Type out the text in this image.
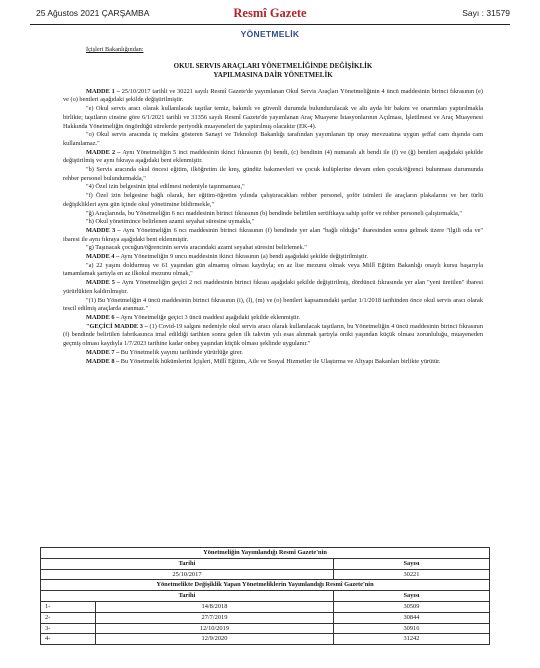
25 Ağustos 2021 ÇARŞAMBA	Resmî Gazete	Sayı : 31579
YÖNETMELİK

İçişleri Bakanlığından:

OKUL SERVIS ARAÇLARI YÖNETMELİĞİNDE DEĞİŞİKLİK
YAPILMASINA DAİR YÖNETMELİK

MADDE 1 – 25/10/2017 tarihli ve 30221 sayılı Resmî Gazete'de yayımlanan Okul Servis Araçları Yönetmeliğinin 4 üncü maddesinin birinci fıkrasının (e) ve (o) bentleri aşağıdaki şekilde değiştirilmiştir.

"e) Okul servis aracı olarak kullanılacak taşıtlar temiz, bakımlı ve güvenli durumda bulundurulacak ve altı ayda bir bakım ve onarımları yaptırılmakla birlikte; taşıtların cinsine göre 6/1/2021 tarihli ve 31356 sayılı Resmî Gazete'de yayımlanan Araç Muayene İstasyonlarının Açılması, İşletilmesi ve Araç Muayenesi Hakkında Yönetmeliğin öngördüğü sürelerde periyodik muayeneleri de yaptırılmış olacaktır (EK-4).

"o) Okul servis aracında iç mekânı gösteren Sanayi ve Teknoloji Bakanlığı tarafından yayımlanan tip onay mevzuatına uygun şeffaf cam dışında cam kullanılamaz."

MADDE 2 – Aynı Yönetmeliğin 5 inci maddesinin ikinci fıkrasının (b) bendi, (c) bendinin (4) numaralı alt bendi ile (f) ve (ğ) bentleri aşağıdaki şekilde değiştirilmiş ve aynı fıkraya aşağıdaki bent eklenmiştir.

"b) Servis aracında okul öncesi eğitim, ilköğretim ile kreş, gündüz bakımevleri ve çocuk kulüplerine devam eden çocuk/öğrenci bulunması durumunda rehber personel bulundurmakla,"

"4) Özel izin belgesinin iptal edilmesi nedeniyle taşınmaması,"

"f) Özel izin belgesine bağlı olarak, her eğitim-öğretim yılında çalıştıracakları rehber personel, şoför isimleri ile araçların plakalarını ve her türlü değişiklikleri aynı gün içinde okul yönetimine bildirmekle,"

"ğ) Araçlarında, bu Yönetmeliğin 6 ncı maddesinin birinci fıkrasının (b) bendinde belirtilen sertifikaya sahip şoför ve rehber personeli çalıştırmakla,"

"h) Okul yönetimince belirlenen azami seyahat süresine uymakla,"

MADDE 3 – Aynı Yönetmeliğin 6 ncı maddesinin birinci fıkrasının (f) bendinde yer alan "bağlı olduğu" ibaresinden sonra gelmek üzere "ilgili oda ve" ibaresi ile aynı fıkraya aşağıdaki bent eklenmiştir.

"g) Taşınacak çocuğun/öğrencinin servis aracındaki azami seyahat süresini belirlemek."

MADDE 4 – Aynı Yönetmeliğin 9 uncu maddesinin ikinci fıkrasının (a) bendi aşağıdaki şekilde değiştirilmiştir.

"a) 22 yaşını doldurmuş ve 61 yaşından gün almamış olması kaydıyla; en az lise mezunu olmak veya Millî Eğitim Bakanlığı onaylı kursu başarıyla tamamlamak şartıyla en az ilkokul mezunu olmak,"

MADDE 5 – Aynı Yönetmeliğin geçici 2 nci maddesinin birinci fıkrası aşağıdaki şekilde değiştirilmiş, dördüncü fıkrasında yer alan "yeni üretilen" ibaresi yürürlükten kaldırılmıştır.

"(1) Bu Yönetmeliğin 4 üncü maddesinin birinci fıkrasının (i), (l), (m) ve (o) bentleri kapsamındaki şartlar 1/1/2018 tarihinden önce okul servis aracı olarak tescil edilmiş araçlarda aranmaz."

MADDE 6 – Aynı Yönetmeliğe geçici 3 üncü maddesi aşağıdaki şekilde eklenmiştir.

"GEÇİCİ MADDE 3 – (1) Covid-19 salgını nedeniyle okul servis aracı olarak kullanılacak taşıtların, bu Yönetmeliğin 4 üncü maddesinin birinci fıkrasının (f) bendinde belirtilen fabrikasınca imal edildiği tarihten sonra gelen ilk takvim yılı esas alınmak şartıyla oniki yaşından küçük olması zorunluluğu, muayeneden geçmiş olması kaydıyla 1/7/2023 tarihine kadar onbeş yaşından küçük olması şeklinde uygulanır."

MADDE 7 – Bu Yönetmelik yayımı tarihinde yürürlüğe girer.

MADDE 8 – Bu Yönetmelik hükümlerini İçişleri, Millî Eğitim, Aile ve Sosyal Hizmetler ile Ulaştırma ve Altyapı Bakanları birlikte yürütür.

Yönetmeliğin Yayımlandığı Resmî Gazete'nin		
Tarihi		Sayısı
25/10/2017		30221
Yönetmelikte Değişiklik Yapan Yönetmeliklerin Yayımlandığı Resmî Gazete'nin		
Tarihi		Sayısı
1-	14/8/2018	30509
2-	27/7/2019	30844
3-	12/10/2019	30916
4-	12/9/2020	31242
